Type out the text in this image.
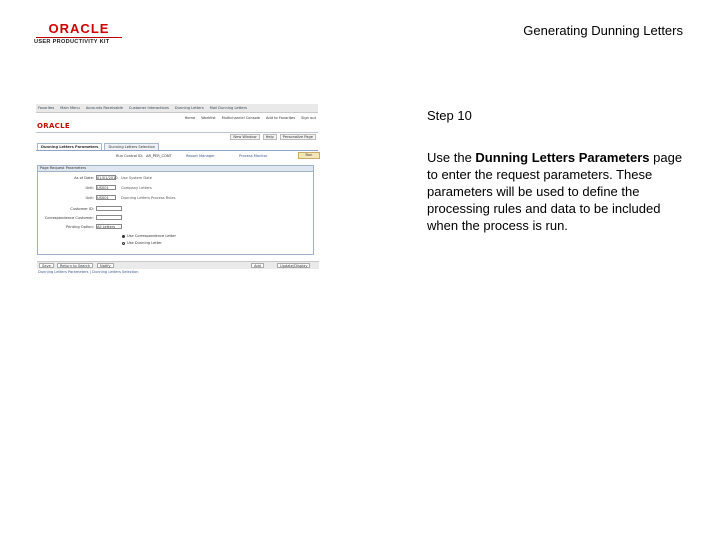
ORACLE
USER PRODUCTIVITY KIT
Generating Dunning Letters
Favorites Main Menu Accounts Receivable Customer Interactions Dunning Letters Mail Dunning Letters
ORACLE
Home Worklist Multichannel Console Add to Favorites Sign out
New Window	Help	Personalize Page
Dunning Letters Parameters	Dunning Letters Selection
Run Control ID: AR_PER_CONT	Report Manager	Process Monitor	Run
Page Request Parameters
As of Date: 01/01/2010 Use System Date
Unit: US001	Company Letters
Unit: US001	Dunning Letters Process Rules
Customer ID:
Correspondence Customer:
Printing Option: All Letters
Use Correspondence Letter
Use Dunning Letter
Save	Return to Search	Notify	Add	Update/Display
Dunning Letters Parameters | Dunning Letters Selection
Step 10
Use the Dunning Letters Parameters page to enter the request parameters. These parameters will be used to define the processing rules and data to be included when the process is run.
